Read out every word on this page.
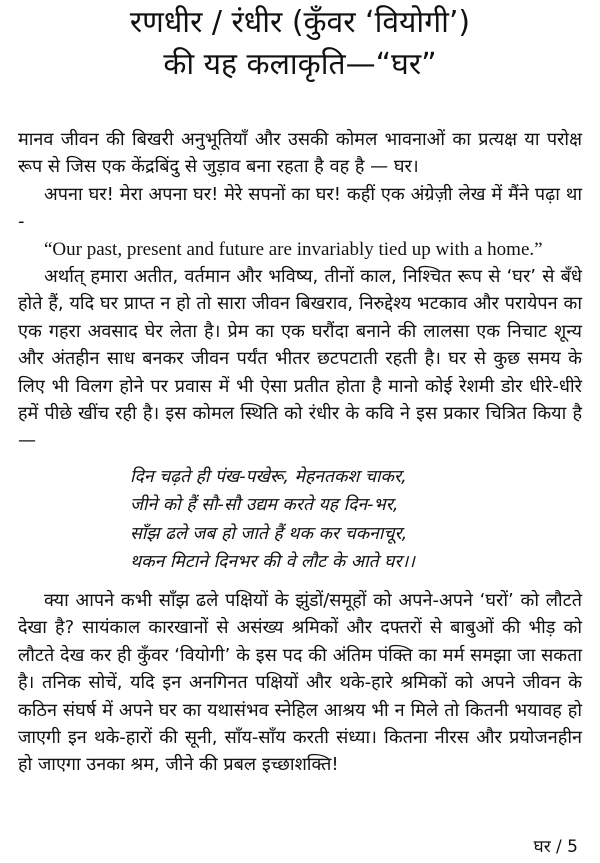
रणधीर / रंधीर (कुँवर ‘वियोगी’)
की यह कलाकृति—“घर”

मानव जीवन की बिखरी अनुभूतियाँ और उसकी कोमल भावनाओं का प्रत्यक्ष या परोक्ष रूप से जिस एक केंद्रबिंदु से जुड़ाव बना रहता है वह है — घर।

अपना घर! मेरा अपना घर! मेरे सपनों का घर! कहीं एक अंग्रेज़ी लेख में मैंने पढ़ा था -

“Our past, present and future are invariably tied up with a home.”

अर्थात् हमारा अतीत, वर्तमान और भविष्य, तीनों काल, निश्चित रूप से ‘घर’ से बँधे होते हैं, यदि घर प्राप्त न हो तो सारा जीवन बिखराव, निरुद्देश्य भटकाव और परायेपन का एक गहरा अवसाद घेर लेता है। प्रेम का एक घरौंदा बनाने की लालसा एक निचाट शून्य और अंतहीन साध बनकर जीवन पर्यंत भीतर छटपटाती रहती है। घर से कुछ समय के लिए भी विलग होने पर प्रवास में भी ऐसा प्रतीत होता है मानो कोई रेशमी डोर धीरे-धीरे हमें पीछे खींच रही है। इस कोमल स्थिति को रंधीर के कवि ने इस प्रकार चित्रित किया है—

दिन चढ़ते ही पंख-पखेरू, मेहनतकश चाकर,
जीने को हैं सौ-सौ उद्यम करते यह दिन-भर,
साँझ ढले जब हो जाते हैं थक कर चकनाचूर,
थकन मिटाने दिनभर की वे लौट के आते घर।।

क्या आपने कभी साँझ ढले पक्षियों के झुंडों/समूहों को अपने-अपने ‘घरों’ को लौटते देखा है? सायंकाल कारखानों से असंख्य श्रमिकों और दफ्तरों से बाबुओं की भीड़ को लौटते देख कर ही कुँवर ‘वियोगी’ के इस पद की अंतिम पंक्ति का मर्म समझा जा सकता है। तनिक सोचें, यदि इन अनगिनत पक्षियों और थके-हारे श्रमिकों को अपने जीवन के कठिन संघर्ष में अपने घर का यथासंभव स्नेहिल आश्रय भी न मिले तो कितनी भयावह हो जाएगी इन थके-हारों की सूनी, साँय-साँय करती संध्या। कितना नीरस और प्रयोजनहीन हो जाएगा उनका श्रम, जीने की प्रबल इच्छाशक्ति!

घर / 5
